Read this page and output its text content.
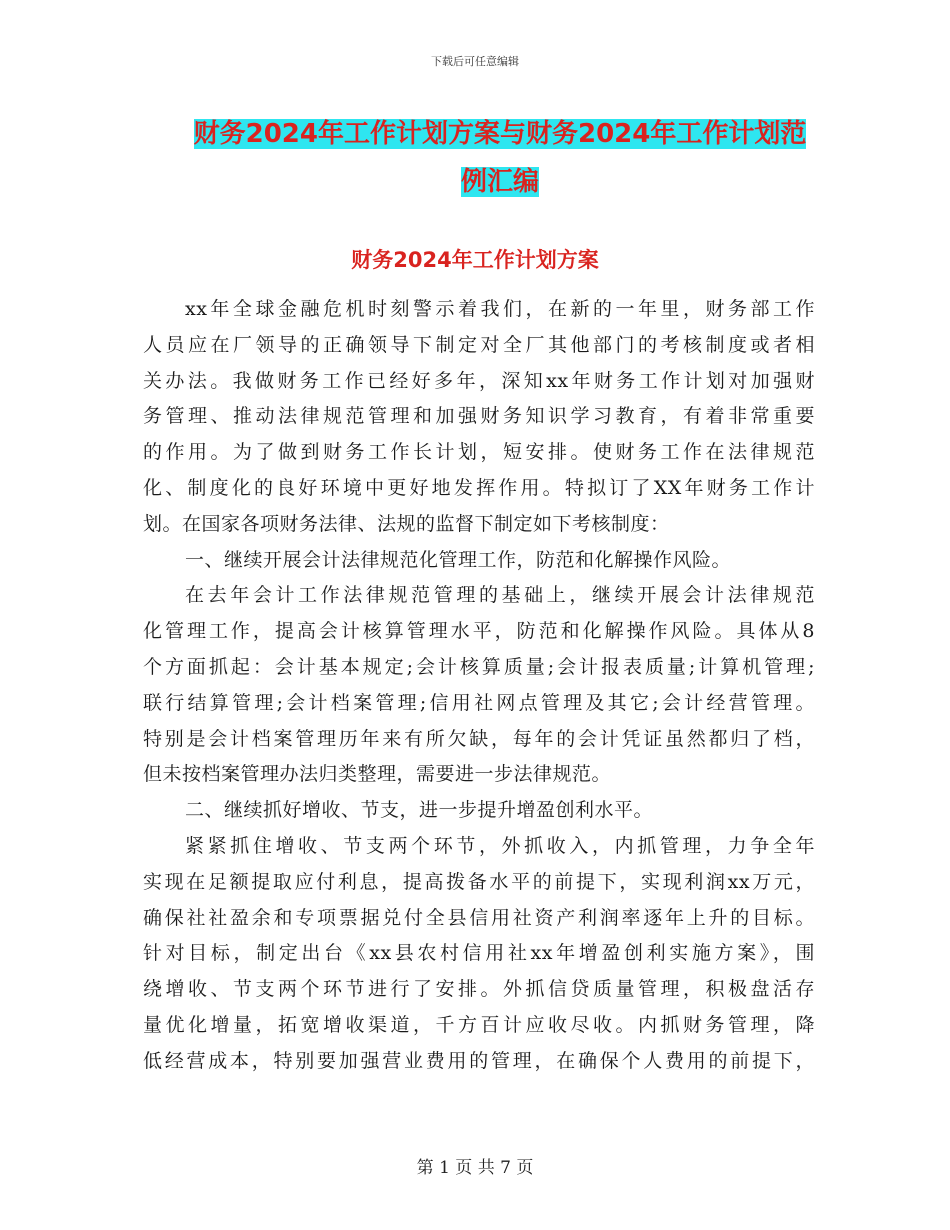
下载后可任意编辑
财务2024年工作计划方案与财务2024年工作计划范
例汇编
财务2024年工作计划方案
xx年全球金融危机时刻警示着我们，在新的一年里，财务部工作
人员应在厂领导的正确领导下制定对全厂其他部门的考核制度或者相
关办法。我做财务工作已经好多年，深知xx年财务工作计划对加强财
务管理、推动法律规范管理和加强财务知识学习教育，有着非常重要
的作用。为了做到财务工作长计划，短安排。使财务工作在法律规范
化、制度化的良好环境中更好地发挥作用。特拟订了XX年财务工作计
划。在国家各项财务法律、法规的监督下制定如下考核制度：
一、继续开展会计法律规范化管理工作，防范和化解操作风险。
在去年会计工作法律规范管理的基础上，继续开展会计法律规范
化管理工作，提高会计核算管理水平，防范和化解操作风险。具体从8
个方面抓起：会计基本规定;会计核算质量;会计报表质量;计算机管理;
联行结算管理;会计档案管理;信用社网点管理及其它;会计经营管理。
特别是会计档案管理历年来有所欠缺，每年的会计凭证虽然都归了档，
但未按档案管理办法归类整理，需要进一步法律规范。
二、继续抓好增收、节支，进一步提升增盈创利水平。
紧紧抓住增收、节支两个环节，外抓收入，内抓管理，力争全年
实现在足额提取应付利息，提高拨备水平的前提下，实现利润xx万元，
确保社社盈余和专项票据兑付全县信用社资产利润率逐年上升的目标。
针对目标，制定出台《xx县农村信用社xx年增盈创利实施方案》，围
绕增收、节支两个环节进行了安排。外抓信贷质量管理，积极盘活存
量优化增量，拓宽增收渠道，千方百计应收尽收。内抓财务管理，降
低经营成本，特别要加强营业费用的管理，在确保个人费用的前提下，
第 1 页 共 7 页
